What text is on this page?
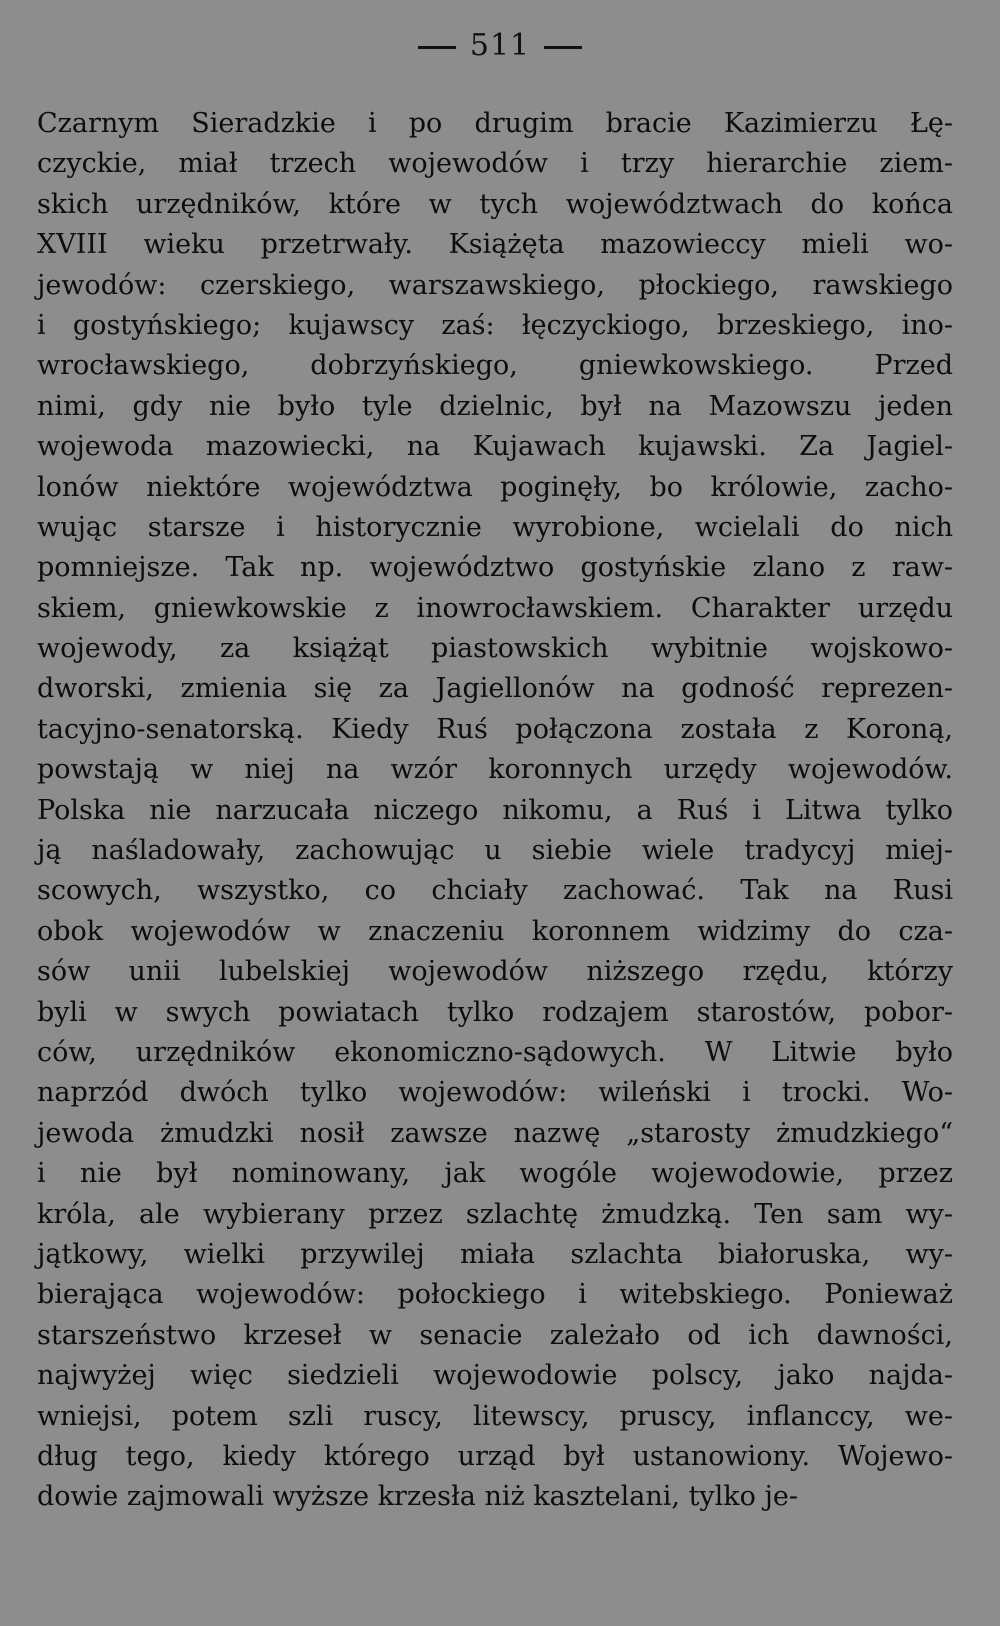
511
Czarnym Sieradzkie i po drugim bracie Kazimierzu Łę-
czyckie, miał trzech wojewodów i trzy hierarchie ziem-
skich urzędników, które w tych województwach do końca
XVIII wieku przetrwały. Książęta mazowieccy mieli wo-
jewodów: czerskiego, warszawskiego, płockiego, rawskiego
i gostyńskiego; kujawscy zaś: łęczyckiogo, brzeskiego, ino-
wrocławskiego, dobrzyńskiego, gniewkowskiego. Przed
nimi, gdy nie było tyle dzielnic, był na Mazowszu jeden
wojewoda mazowiecki, na Kujawach kujawski. Za Jagiel-
lonów niektóre województwa poginęły, bo królowie, zacho-
wując starsze i historycznie wyrobione, wcielali do nich
pomniejsze. Tak np. województwo gostyńskie zlano z raw-
skiem, gniewkowskie z inowrocławskiem. Charakter urzędu
wojewody, za książąt piastowskich wybitnie wojskowo-
dworski, zmienia się za Jagiellonów na godność reprezen-
tacyjno-senatorską. Kiedy Ruś połączona została z Koroną,
powstają w niej na wzór koronnych urzędy wojewodów.
Polska nie narzucała niczego nikomu, a Ruś i Litwa tylko
ją naśladowały, zachowując u siebie wiele tradycyj miej-
scowych, wszystko, co chciały zachować. Tak na Rusi
obok wojewodów w znaczeniu koronnem widzimy do cza-
sów unii lubelskiej wojewodów niższego rzędu, którzy
byli w swych powiatach tylko rodzajem starostów, pobor-
ców, urzędników ekonomiczno-sądowych. W Litwie było
naprzód dwóch tylko wojewodów: wileński i trocki. Wo-
jewoda żmudzki nosił zawsze nazwę „starosty żmudzkiego“
i nie był nominowany, jak wogóle wojewodowie, przez
króla, ale wybierany przez szlachtę żmudzką. Ten sam wy-
jątkowy, wielki przywilej miała szlachta białoruska, wy-
bierająca wojewodów: połockiego i witebskiego. Ponieważ
starszeństwo krzeseł w senacie zależało od ich dawności,
najwyżej więc siedzieli wojewodowie polscy, jako najda-
wniejsi, potem szli ruscy, litewscy, pruscy, inflanccy, we-
dług tego, kiedy którego urząd był ustanowiony. Wojewo-
dowie zajmowali wyższe krzesła niż kasztelani, tylko je-
